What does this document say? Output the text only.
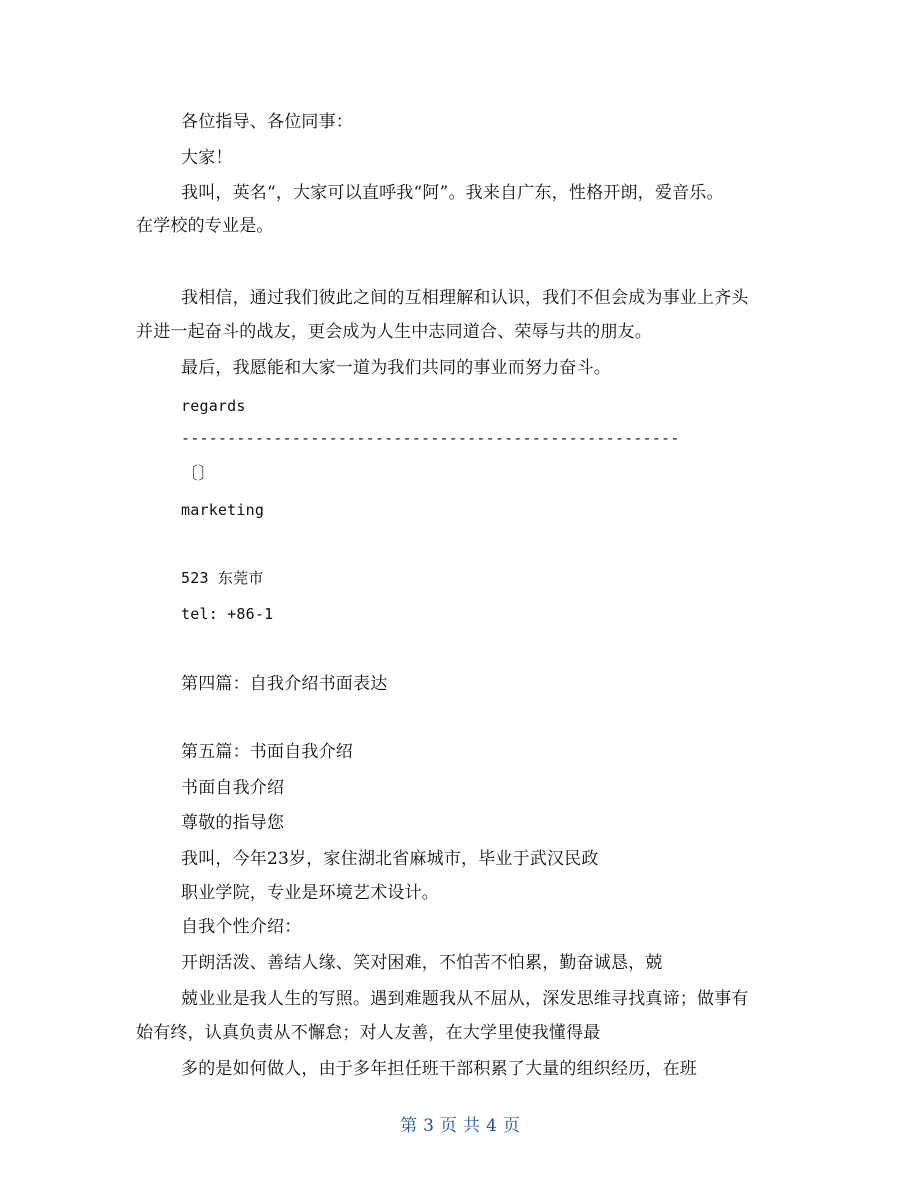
各位指导、各位同事：
大家！
我叫，英名“，大家可以直呼我“阿”。我来自广东，性格开朗，爱音乐。
在学校的专业是。
我相信，通过我们彼此之间的互相理解和认识，我们不但会成为事业上齐头
并进一起奋斗的战友，更会成为人生中志同道合、荣辱与共的朋友。
最后，我愿能和大家一道为我们共同的事业而努力奋斗。
regards
------------------------------------------------------
〔〕
marketing
523 东莞市
tel: +86-1
第四篇：自我介绍书面表达
第五篇：书面自我介绍
书面自我介绍
尊敬的指导您
我叫，今年23岁，家住湖北省麻城市，毕业于武汉民政
职业学院，专业是环境艺术设计。
自我个性介绍：
开朗活泼、善结人缘、笑对困难，不怕苦不怕累，勤奋诚恳，兢
兢业业是我人生的写照。遇到难题我从不屈从，深发思维寻找真谛；做事有
始有终，认真负责从不懈怠；对人友善，在大学里使我懂得最
多的是如何做人，由于多年担任班干部积累了大量的组织经历，在班
第 3 页 共 4 页
